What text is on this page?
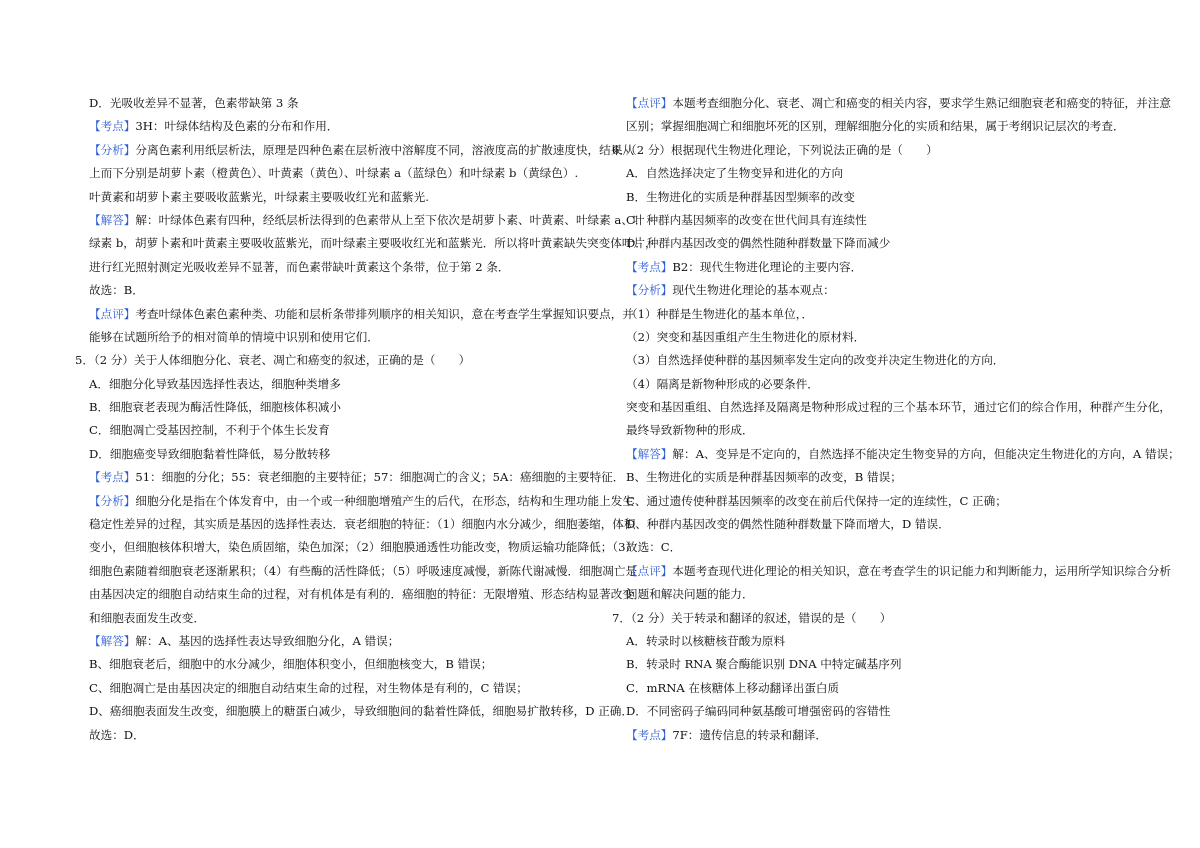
D．光吸收差异不显著，色素带缺第 3 条
【考点】3H：叶绿体结构及色素的分布和作用．
【分析】分离色素利用纸层析法，原理是四种色素在层析液中溶解度不同，溶液度高的扩散速度快，结果从
上而下分别是胡萝卜素（橙黄色）、叶黄素（黄色）、叶绿素 a（蓝绿色）和叶绿素 b（黄绿色）.
叶黄素和胡萝卜素主要吸收蓝紫光，叶绿素主要吸收红光和蓝紫光.
【解答】解：叶绿体色素有四种，经纸层析法得到的色素带从上至下依次是胡萝卜素、叶黄素、叶绿素 a、叶
绿素 b，胡萝卜素和叶黄素主要吸收蓝紫光，而叶绿素主要吸收红光和蓝紫光．所以将叶黄素缺失突变体叶片，
进行红光照射测定光吸收差异不显著，而色素带缺叶黄素这个条带，位于第 2 条．
故选：B．
【点评】考查叶绿体色素色素种类、功能和层析条带排列顺序的相关知识，意在考查学生掌握知识要点，并
能够在试题所给予的相对简单的情境中识别和使用它们．
5．（2 分）关于人体细胞分化、衰老、凋亡和癌变的叙述，正确的是（　　）
A．细胞分化导致基因选择性表达，细胞种类增多
B．细胞衰老表现为酶活性降低，细胞核体积减小
C．细胞凋亡受基因控制，不利于个体生长发育
D．细胞癌变导致细胞黏着性降低，易分散转移
【考点】51：细胞的分化；55：衰老细胞的主要特征；57：细胞凋亡的含义；5A：癌细胞的主要特征．
【分析】细胞分化是指在个体发育中，由一个或一种细胞增殖产生的后代，在形态，结构和生理功能上发生
稳定性差异的过程，其实质是基因的选择性表达．衰老细胞的特征：（1）细胞内水分减少，细胞萎缩，体积
变小，但细胞核体积增大，染色质固缩，染色加深；（2）细胞膜通透性功能改变，物质运输功能降低；（3）
细胞色素随着细胞衰老逐渐累积；（4）有些酶的活性降低；（5）呼吸速度减慢，新陈代谢减慢．细胞凋亡是
由基因决定的细胞自动结束生命的过程，对有机体是有利的．癌细胞的特征：无限增殖、形态结构显著改变
和细胞表面发生改变．
【解答】解：A、基因的选择性表达导致细胞分化，A 错误；
B、细胞衰老后，细胞中的水分减少，细胞体积变小，但细胞核变大，B 错误；
C、细胞凋亡是由基因决定的细胞自动结束生命的过程，对生物体是有利的，C 错误；
D、癌细胞表面发生改变，细胞膜上的糖蛋白减少，导致细胞间的黏着性降低，细胞易扩散转移，D 正确．
故选：D．
【点评】本题考查细胞分化、衰老、凋亡和癌变的相关内容，要求学生熟记细胞衰老和癌变的特征，并注意
区别；掌握细胞凋亡和细胞坏死的区别，理解细胞分化的实质和结果，属于考纲识记层次的考查．
6．（2 分）根据现代生物进化理论，下列说法正确的是（　　）
A．自然选择决定了生物变异和进化的方向
B．生物进化的实质是种群基因型频率的改变
C．种群内基因频率的改变在世代间具有连续性
D．种群内基因改变的偶然性随种群数量下降而减少
【考点】B2：现代生物进化理论的主要内容．
【分析】现代生物进化理论的基本观点：
（1）种群是生物进化的基本单位，．
（2）突变和基因重组产生生物进化的原材料．
（3）自然选择使种群的基因频率发生定向的改变并决定生物进化的方向．
（4）隔离是新物种形成的必要条件．
突变和基因重组、自然选择及隔离是物种形成过程的三个基本环节，通过它们的综合作用，种群产生分化，
最终导致新物种的形成．
【解答】解：A、变异是不定向的，自然选择不能决定生物变异的方向，但能决定生物进化的方向，A 错误；
B、生物进化的实质是种群基因频率的改变，B 错误；
C、通过遗传使种群基因频率的改变在前后代保持一定的连续性，C 正确；
D、种群内基因改变的偶然性随种群数量下降而增大，D 错误．
故选：C．
【点评】本题考查现代进化理论的相关知识，意在考查学生的识记能力和判断能力，运用所学知识综合分析
问题和解决问题的能力．
7．（2 分）关于转录和翻译的叙述，错误的是（　　）
A．转录时以核糖核苷酸为原料
B．转录时 RNA 聚合酶能识别 DNA 中特定碱基序列
C．mRNA 在核糖体上移动翻译出蛋白质
D．不同密码子编码同种氨基酸可增强密码的容错性
【考点】7F：遗传信息的转录和翻译．
